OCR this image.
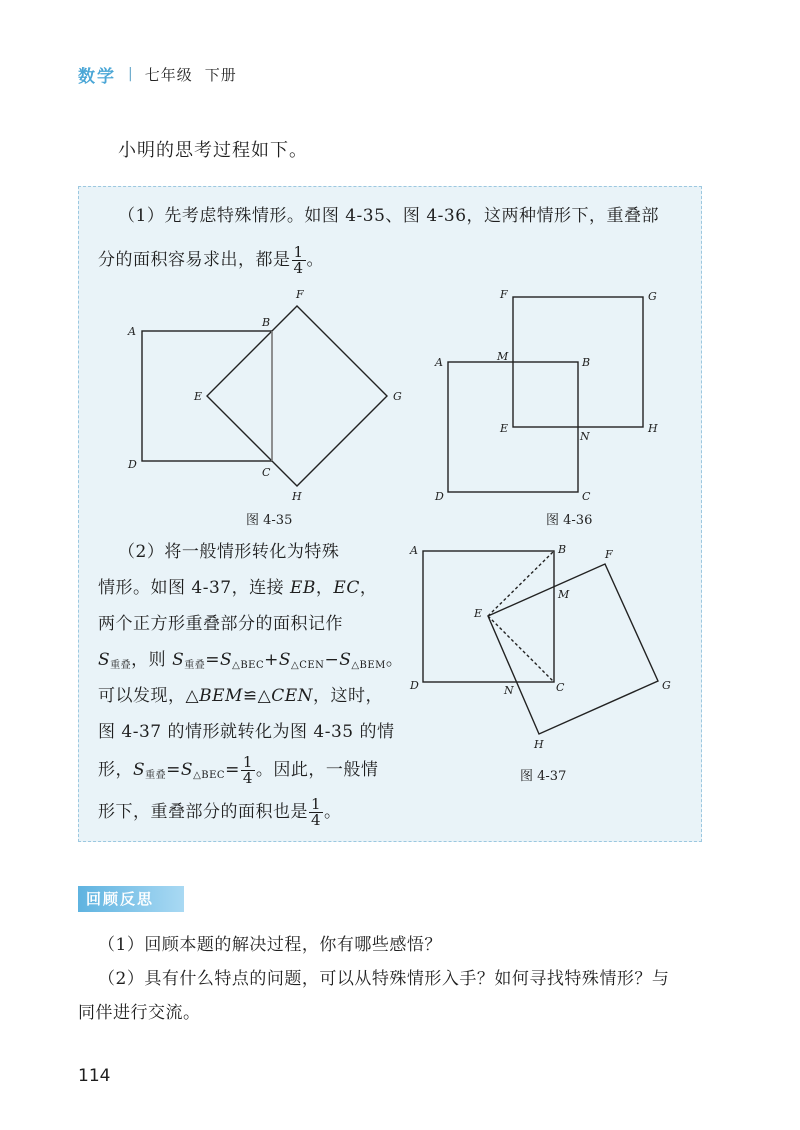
数学 | 七年级 下册
小明的思考过程如下。
（1）先考虑特殊情形。如图 4-35、图 4-36，这两种情形下，重叠部
分的面积容易求出，都是 $\frac{1}{4}$ 。
A
B
C
D
E
F
G
H
图 4-35
A	B
C
D
E
F	G
H
M
N
图 4-36
A	B
C
D
E
F
G
H
M
N
图 4-37
（2）将一般情形转化为特殊
情形。如图 4-37，连接 EB，EC，
两个正方形重叠部分的面积记作
$S_{重叠}$，则 $S_{重叠}=S_{\triangle BEC}+S_{\triangle CEN}-S_{\triangle BEM}$。
可以发现，△BEM≌△CEN，这时，
图 4-37 的情形就转化为图 4-35 的情
形，$S_{重叠}=S_{\triangle BEC}= \frac{1}{4}$ 。因此，一般情
形下，重叠部分的面积也是 $\frac{1}{4}$ 。
回顾反思
（1）回顾本题的解决过程，你有哪些感悟？
（2）具有什么特点的问题，可以从特殊情形入手？如何寻找特殊情形？与
同伴进行交流。
114
